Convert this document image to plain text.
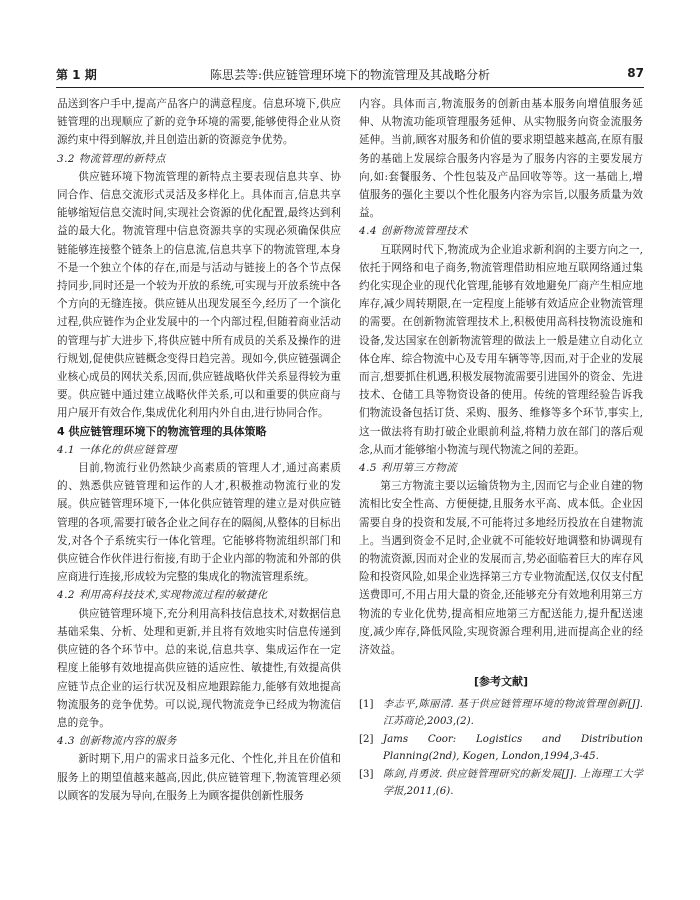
第 1 期	陈思芸等:供应链管理环境下的物流管理及其战略分析	87

品送到客户手中,提高产品客户的满意程度。信息环境下,供应链管理的出现顺应了新的竞争环境的需要,能够使得企业从资源约束中得到解放,并且创造出新的资源竞争优势。

3.2 物流管理的新特点

供应链环境下物流管理的新特点主要表现信息共享、协同合作、信息交流形式灵活及多样化上。具体而言,信息共享能够缩短信息交流时间,实现社会资源的优化配置,最终达到利益的最大化。物流管理中信息资源共享的实现必须确保供应链能够连接整个链条上的信息流,信息共享下的物流管理,本身不是一个独立个体的存在,而是与活动与链接上的各个节点保持同步,同时还是一个较为开放的系统,可实现与开放系统中各个方向的无缝连接。供应链从出现发展至今,经历了一个演化过程,供应链作为企业发展中的一个内部过程,但随着商业活动的管理与扩大进步下,将供应链中所有成员的关系及操作的进行规划,促使供应链概念变得日趋完善。现如今,供应链强调企业核心成员的网状关系,因而,供应链战略伙伴关系显得较为重要。供应链中通过建立战略伙伴关系,可以和重要的供应商与用户展开有效合作,集成优化利用内外自由,进行协同合作。

4 供应链管理环境下的物流管理的具体策略
4.1 一体化的供应链管理

目前,物流行业仍然缺少高素质的管理人才,通过高素质的、熟悉供应链管理和运作的人才,积极推动物流行业的发展。供应链管理环境下,一体化供应链管理的建立是对供应链管理的各项,需要打破各企业之间存在的隔阂,从整体的目标出发,对各个子系统实行一体化管理。它能够将物流组织部门和供应链合作伙伴进行衔接,有助于企业内部的物流和外部的供应商进行连接,形成较为完整的集成化的物流管理系统。

4.2 利用高科技技术,实现物流过程的敏捷化

供应链管理环境下,充分利用高科技信息技术,对数据信息基础采集、分析、处理和更新,并且将有效地实时信息传递到供应链的各个环节中。总的来说,信息共享、集成运作在一定程度上能够有效地提高供应链的适应性、敏捷性,有效提高供应链节点企业的运行状况及相应地跟踪能力,能够有效地提高物流服务的竞争优势。可以说,现代物流竞争已经成为物流信息的竞争。

4.3 创新物流内容的服务

新时期下,用户的需求日益多元化、个性化,并且在价值和服务上的期望值越来越高,因此,供应链管理下,物流管理必须以顾客的发展为导向,在服务上为顾客提供创新性服务

内容。具体而言,物流服务的创新由基本服务向增值服务延伸、从物流功能项管理服务延伸、从实物服务向资金流服务延伸。当前,顾客对服务和价值的要求期望越来越高,在原有服务的基础上发展综合服务内容是为了服务内容的主要发展方向,如:套餐服务、个性包装及产品回收等等。这一基础上,增值服务的强化主要以个性化服务内容为宗旨,以服务质量为效益。

4.4 创新物流管理技术

互联网时代下,物流成为企业追求新利润的主要方向之一,依托于网络和电子商务,物流管理借助相应地互联网络通过集约化实现企业的现代化管理,能够有效地避免厂商产生相应地库存,减少周转期限,在一定程度上能够有效适应企业物流管理的需要。在创新物流管理技术上,积极使用高科技物流设施和设备,发达国家在创新物流管理的做法上一般是建立自动化立体仓库、综合物流中心及专用车辆等等,因而,对于企业的发展而言,想要抓住机遇,积极发展物流需要引进国外的资金、先进技术、仓储工具等物资设备的使用。传统的管理经验告诉我们物流设备包括订货、采购、服务、维修等多个环节,事实上,这一做法将有助打破企业眼前利益,将精力放在部门的落后观念,从而才能够缩小物流与现代物流之间的差距。

4.5 利用第三方物流

第三方物流主要以运输货物为主,因而它与企业自建的物流相比安全性高、方便便捷,且服务水平高、成本低。企业因需要自身的投资和发展,不可能将过多地经历投放在自建物流上。当遇到资金不足时,企业就不可能较好地调整和协调现有的物流资源,因而对企业的发展而言,势必面临着巨大的库存风险和投资风险,如果企业选择第三方专业物流配送,仅仅支付配送费即可,不用占用大量的资金,还能够充分有效地利用第三方物流的专业化优势,提高相应地第三方配送能力,提升配送速度,减少库存,降低风险,实现资源合理利用,进而提高企业的经济效益。

[参考文献]
[1] 李志平,陈丽清. 基于供应链管理环境的物流管理创新[J]. 江苏商论,2003,(2).
[2] Jams Coor: Logistics and Distribution Planning(2nd), Kogen, London,1994,3-45.
[3] 陈剑,肖勇波. 供应链管理研究的新发展[J]. 上海理工大学学报,2011,(6).
